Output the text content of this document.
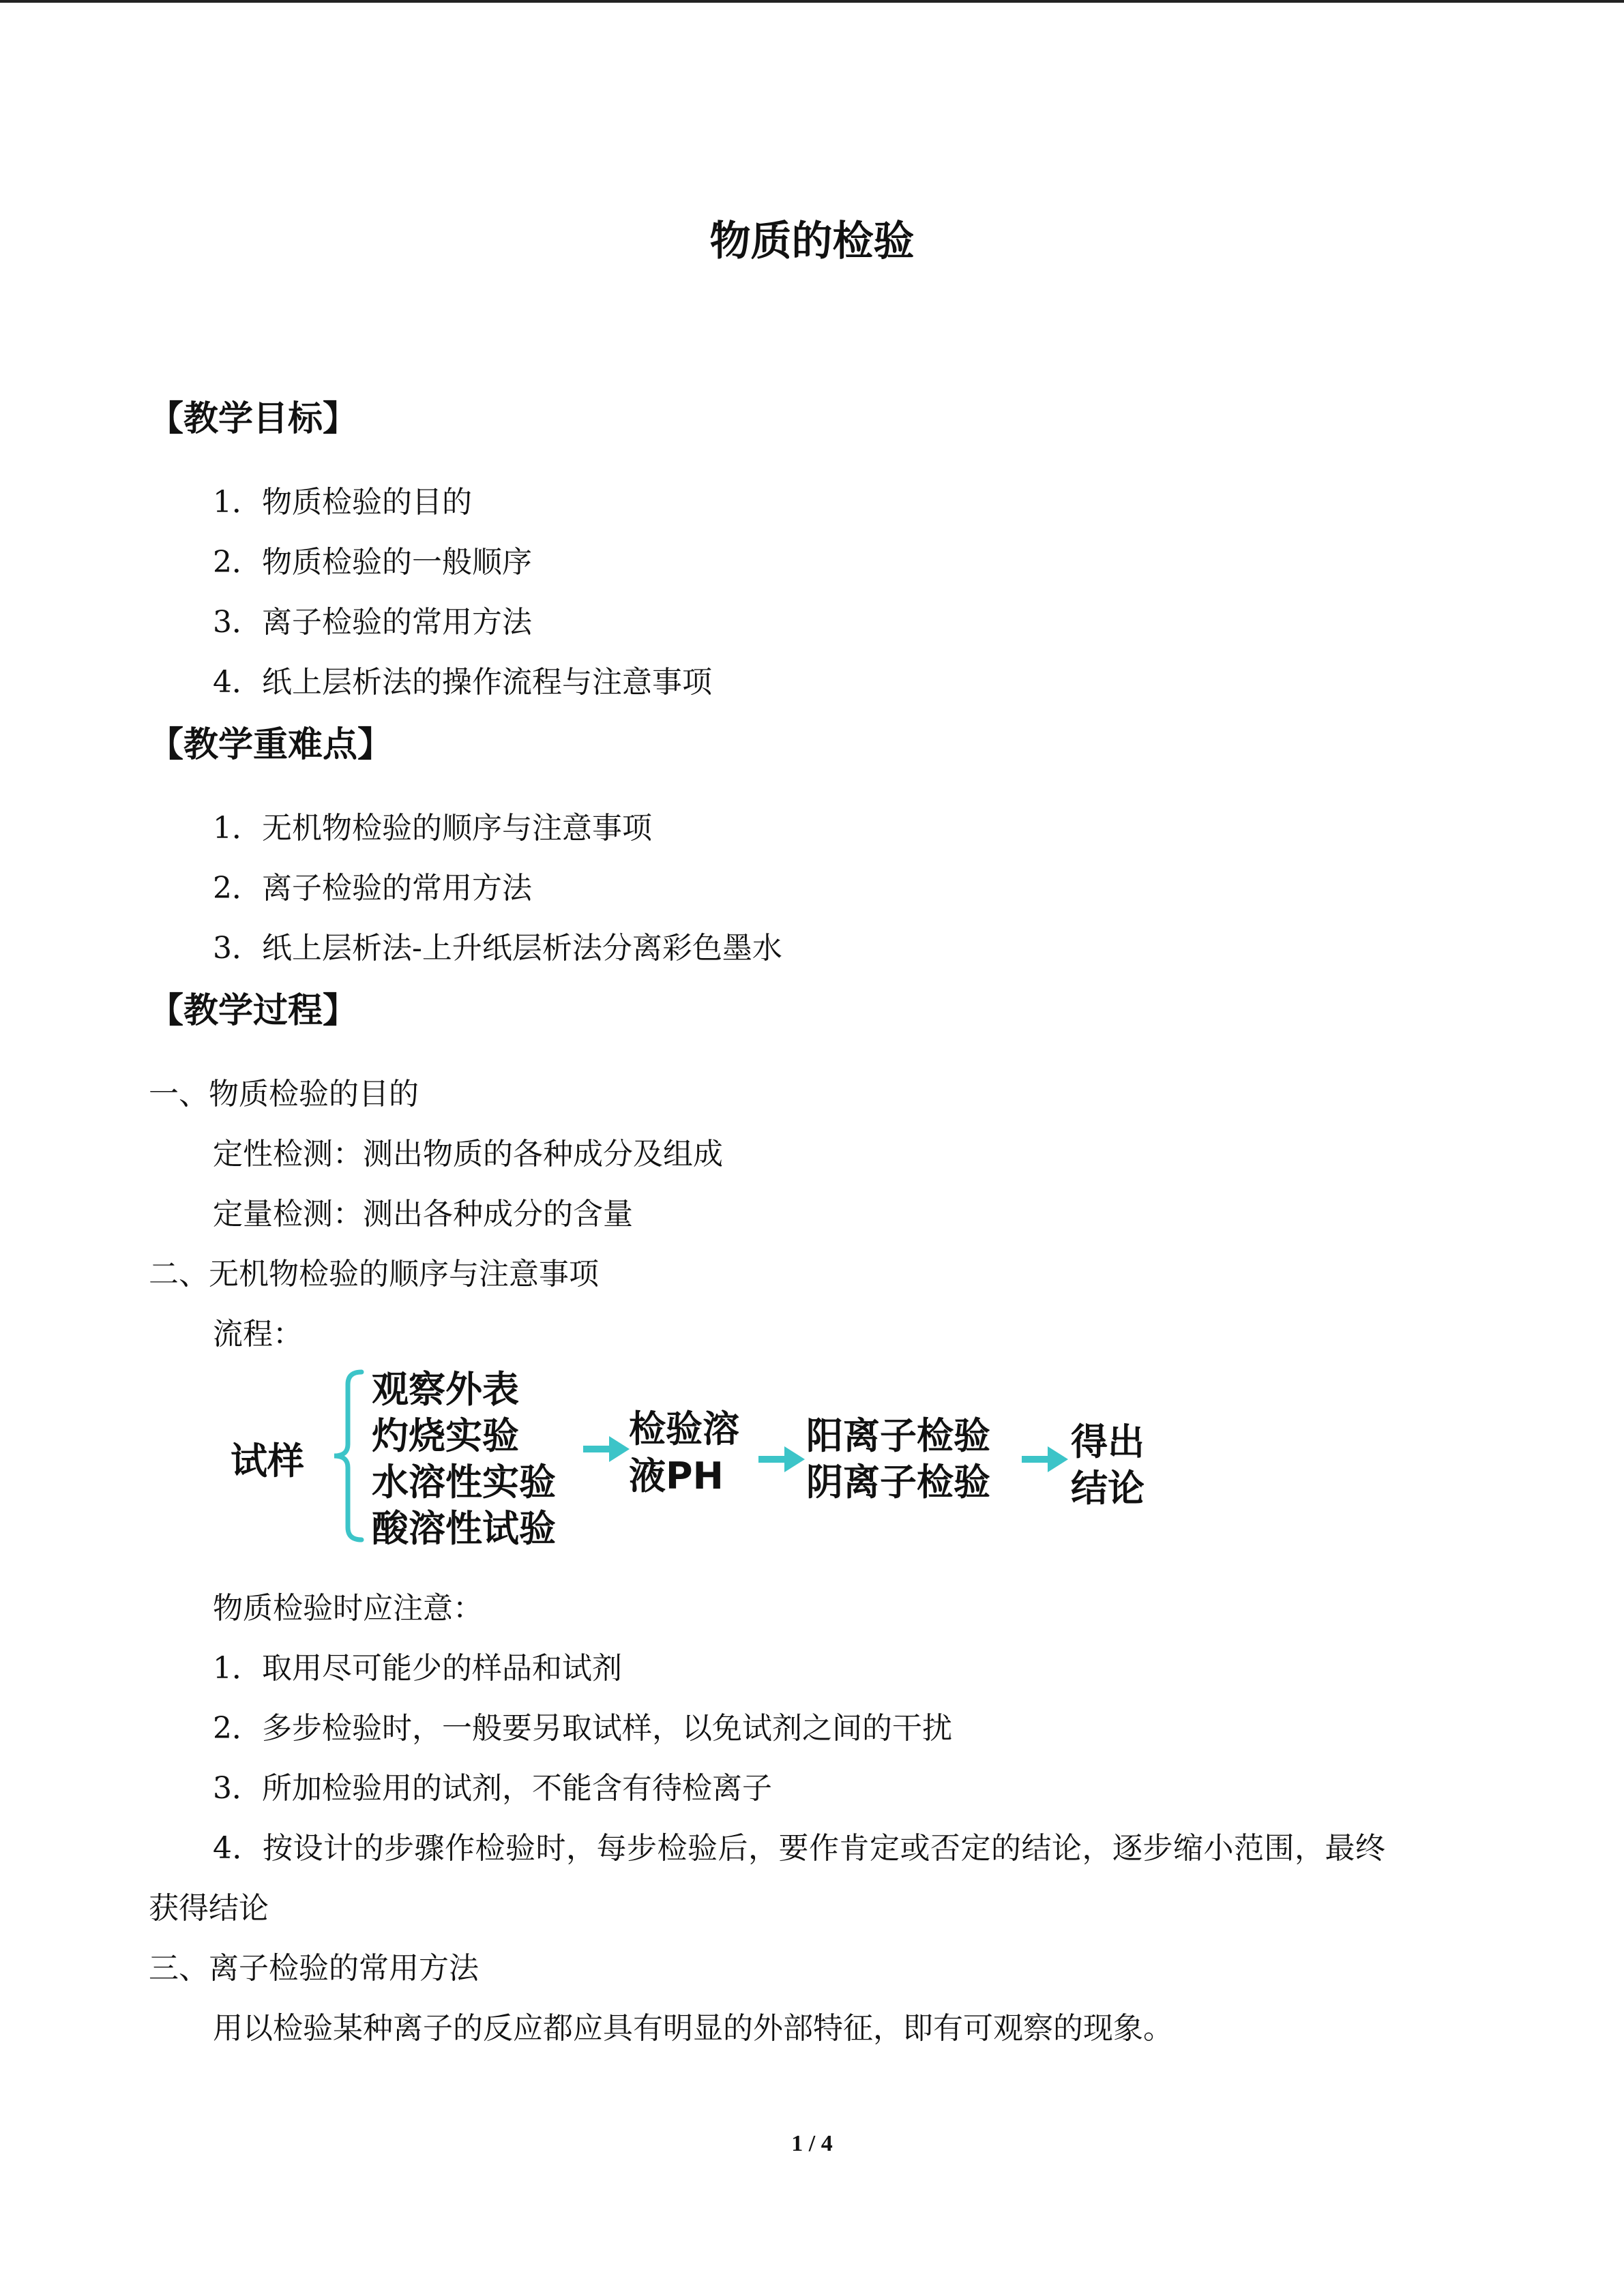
物质的检验
【教学目标】
1．物质检验的目的
2．物质检验的一般顺序
3．离子检验的常用方法
4．纸上层析法的操作流程与注意事项
【教学重难点】
1．无机物检验的顺序与注意事项
2．离子检验的常用方法
3．纸上层析法-上升纸层析法分离彩色墨水
【教学过程】
一、物质检验的目的
定性检测：测出物质的各种成分及组成
定量检测：测出各种成分的含量
二、无机物检验的顺序与注意事项
流程：
试样
观察外表
灼烧实验
水溶性实验
酸溶性试验
检验溶
液PH
阳离子检验
阴离子检验
得出
结论
物质检验时应注意：
1．取用尽可能少的样品和试剂
2．多步检验时，一般要另取试样，以免试剂之间的干扰
3．所加检验用的试剂，不能含有待检离子
4．按设计的步骤作检验时，每步检验后，要作肯定或否定的结论，逐步缩小范围，最终
获得结论
三、离子检验的常用方法
用以检验某种离子的反应都应具有明显的外部特征，即有可观察的现象。
1 / 4
